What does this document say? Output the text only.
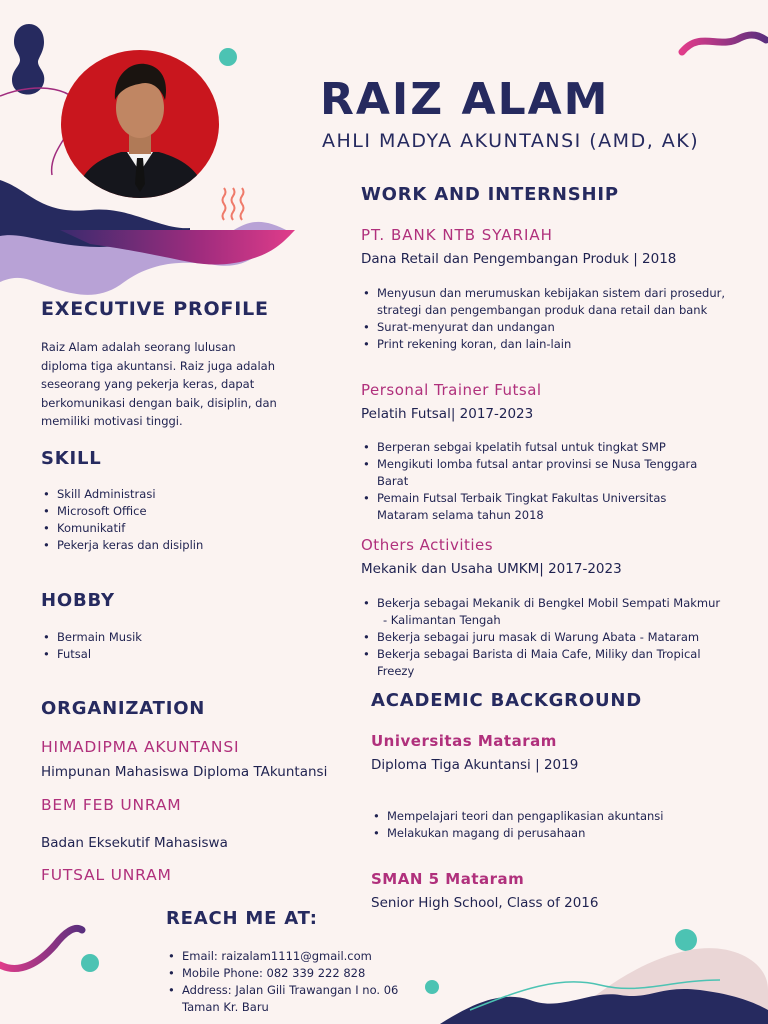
RAIZ ALAM
AHLI MADYA AKUNTANSI (AMD, AK)
EXECUTIVE PROFILE
Raiz Alam adalah seorang lulusan
diploma tiga akuntansi. Raiz juga adalah
seseorang yang pekerja keras, dapat
berkomunikasi dengan baik, disiplin, dan
memiliki motivasi tinggi.
SKILL
• Skill Administrasi
• Microsoft Office
• Komunikatif
• Pekerja keras dan disiplin
HOBBY
• Bermain Musik
• Futsal
ORGANIZATION
HIMADIPMA AKUNTANSI
Himpunan Mahasiswa Diploma TAkuntansi
BEM FEB UNRAM
Badan Eksekutif Mahasiswa
FUTSAL UNRAM
REACH ME AT:
• Email: raizalam1111@gmail.com
• Mobile Phone: 082 339 222 828
• Address: Jalan Gili Trawangan I no. 06
Taman Kr. Baru
WORK AND INTERNSHIP
PT. BANK NTB SYARIAH
Dana Retail dan Pengembangan Produk | 2018
• Menyusun dan merumuskan kebijakan sistem dari prosedur,
strategi dan pengembangan produk dana retail dan bank
• Surat-menyurat dan undangan
• Print rekening koran, dan lain-lain
Personal Trainer Futsal
Pelatih Futsal| 2017-2023
• Berperan sebgai kpelatih futsal untuk tingkat SMP
• Mengikuti lomba futsal antar provinsi se Nusa Tenggara
Barat
• Pemain Futsal Terbaik Tingkat Fakultas Universitas
Mataram selama tahun 2018
Others Activities
Mekanik dan Usaha UMKM| 2017-2023
• Bekerja sebagai Mekanik di Bengkel Mobil Sempati Makmur
- Kalimantan Tengah
• Bekerja sebagai juru masak di Warung Abata - Mataram
• Bekerja sebagai Barista di Maia Cafe, Miliky dan Tropical
Freezy
ACADEMIC BACKGROUND
Universitas Mataram
Diploma Tiga Akuntansi | 2019
• Mempelajari teori dan pengaplikasian akuntansi
• Melakukan magang di perusahaan
SMAN 5 Mataram
Senior High School, Class of 2016
